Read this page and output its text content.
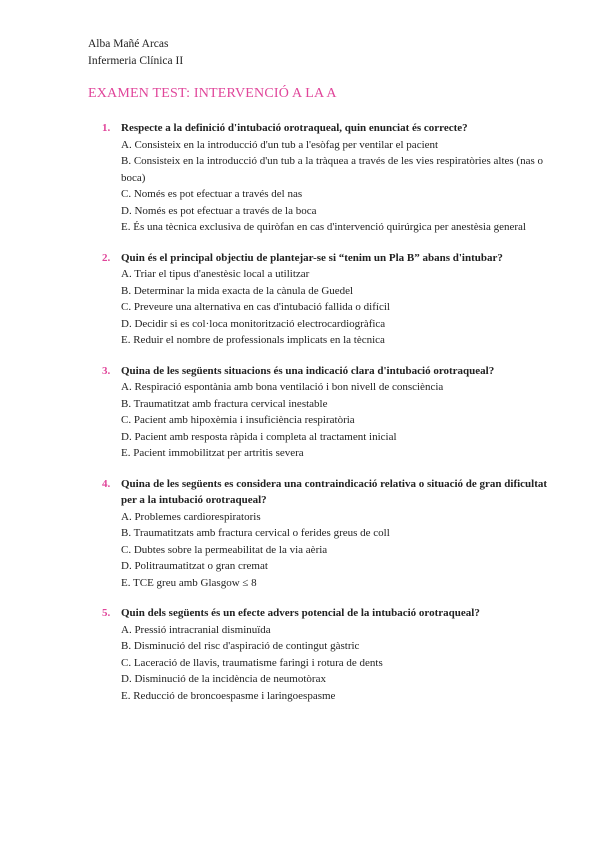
Alba Mañé Arcas
Infermeria Clínica II
EXAMEN TEST: INTERVENCIÓ A LA A
1. Respecte a la definició d'intubació orotraqueal, quin enunciat és correcte?
A. Consisteix en la introducció d'un tub a l'esòfag per ventilar el pacient
B. Consisteix en la introducció d'un tub a la tràquea a través de les vies respiratòries altes (nas o boca)
C. Només es pot efectuar a través del nas
D. Només es pot efectuar a través de la boca
E. És una tècnica exclusiva de quiròfan en cas d'intervenció quirúrgica per anestèsia general
2. Quin és el principal objectiu de plantejar-se si “tenim un Pla B” abans d'intubar?
A. Triar el tipus d'anestèsic local a utilitzar
B. Determinar la mida exacta de la cànula de Guedel
C. Preveure una alternativa en cas d'intubació fallida o difícil
D. Decidir si es col·loca monitorització electrocardiogràfica
E. Reduir el nombre de professionals implicats en la tècnica
3. Quina de les següents situacions és una indicació clara d'intubació orotraqueal?
A. Respiració espontània amb bona ventilació i bon nivell de consciència
B. Traumatitzat amb fractura cervical inestable
C. Pacient amb hipoxèmia i insuficiència respiratòria
D. Pacient amb resposta ràpida i completa al tractament inicial
E. Pacient immobilitzat per artritis severa
4. Quina de les següents es considera una contraindicació relativa o situació de gran dificultat per a la intubació orotraqueal?
A. Problemes cardiorespiratoris
B. Traumatitzats amb fractura cervical o ferides greus de coll
C. Dubtes sobre la permeabilitat de la via aèria
D. Politraumatitzat o gran cremat
E. TCE greu amb Glasgow ≤ 8
5. Quin dels següents és un efecte advers potencial de la intubació orotraqueal?
A. Pressió intracranial disminuïda
B. Disminució del risc d'aspiració de contingut gàstric
C. Laceració de llavis, traumatisme faringi i rotura de dents
D. Disminució de la incidència de neumotòrax
E. Reducció de broncoespasme i laringoespasme
